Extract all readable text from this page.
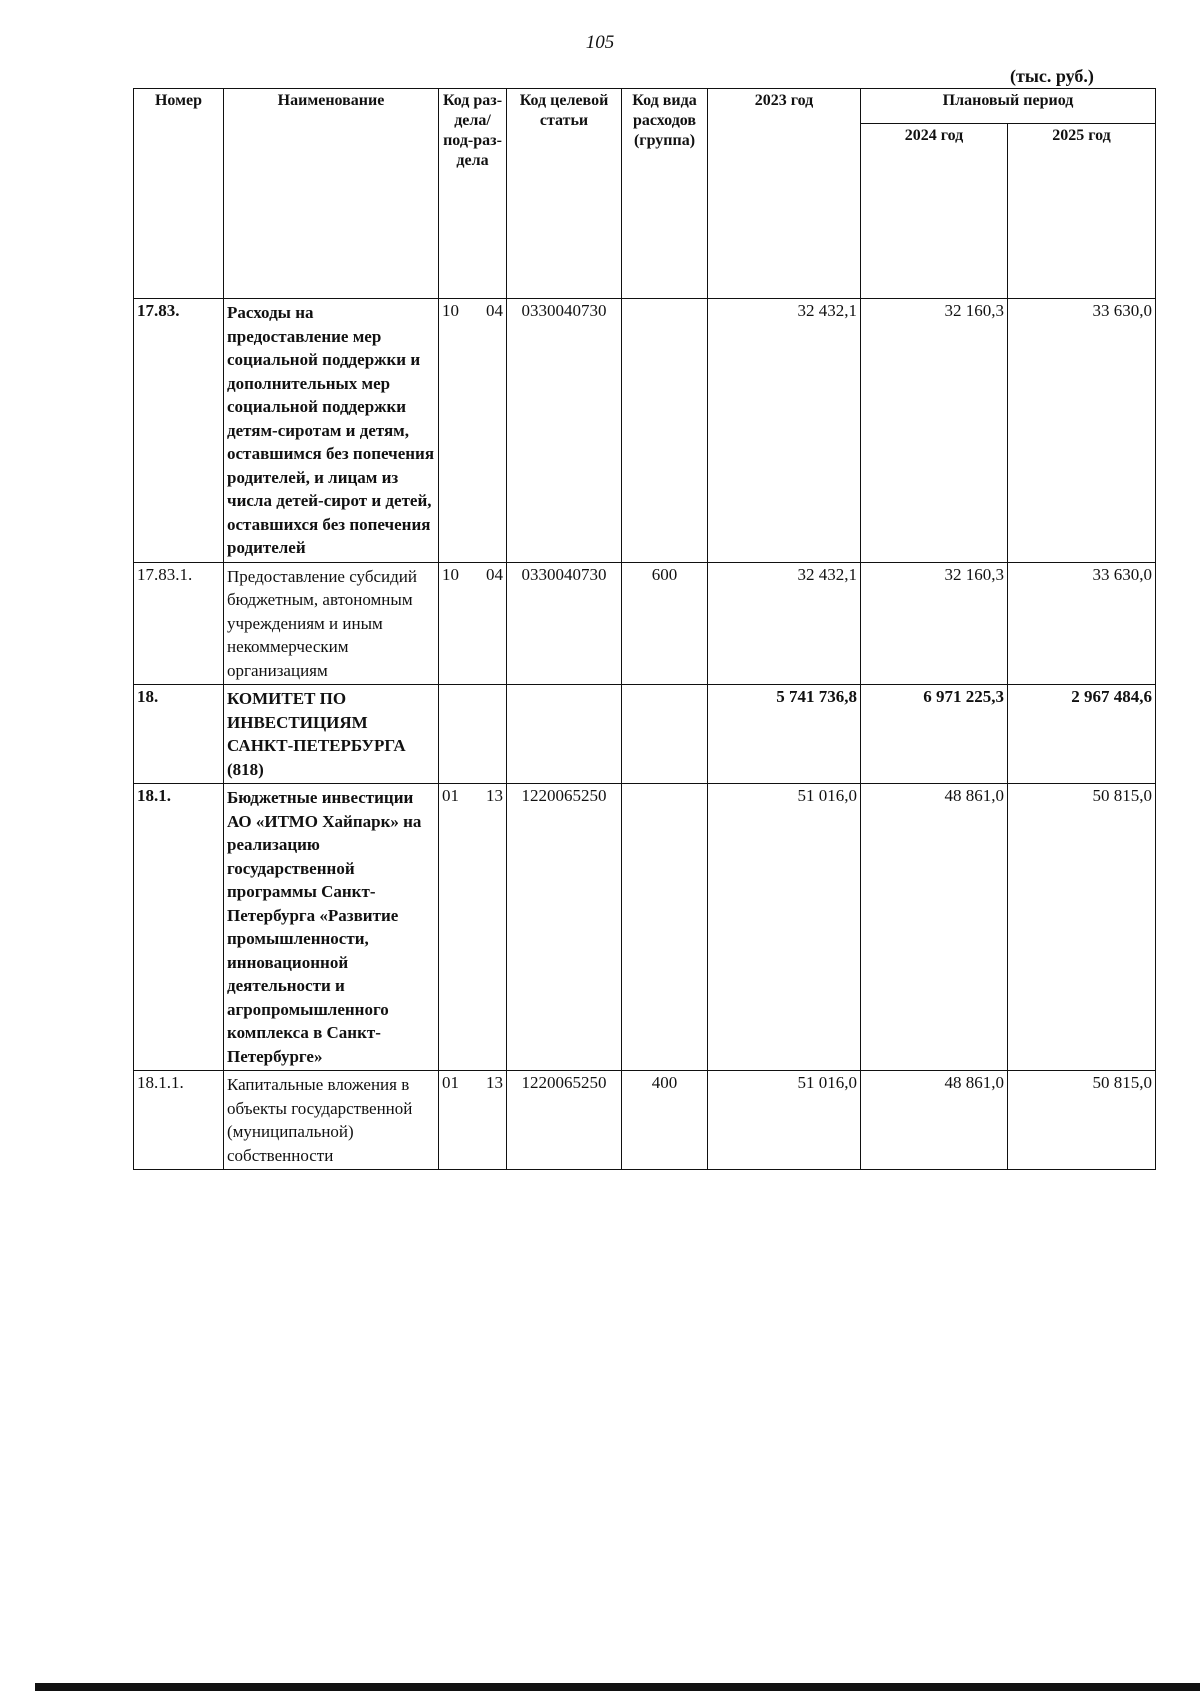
105
(тыс. руб.)
Номер	Наименование	Код раз-дела/ под-раз-дела	Код целевой статьи	Код вида расходов (группа)	2023 год	Плановый период	
						2024 год	2025 год
17.83.	Расходы на предоставление мер социальной поддержки и дополнительных мер социальной поддержки детям-сиротам и детям, оставшимся без попечения родителей, и лицам из числа детей-сирот и детей, оставшихся без попечения родителей	10 04	0330040730		32 432,1	32 160,3	33 630,0
17.83.1.	Предоставление субсидий бюджетным, автономным учреждениям и иным некоммерческим организациям	10 04	0330040730	600	32 432,1	32 160,3	33 630,0
18.	КОМИТЕТ ПО ИНВЕСТИЦИЯМ САНКТ-ПЕТЕРБУРГА (818)				5 741 736,8	6 971 225,3	2 967 484,6
18.1.	Бюджетные инвестиции АО «ИТМО Хайпарк» на реализацию государственной программы Санкт-Петербурга «Развитие промышленности, инновационной деятельности и агропромышленного комплекса в Санкт-Петербурге»	01 13	1220065250		51 016,0	48 861,0	50 815,0
18.1.1.	Капитальные вложения в объекты государственной (муниципальной) собственности	01 13	1220065250	400	51 016,0	48 861,0	50 815,0
